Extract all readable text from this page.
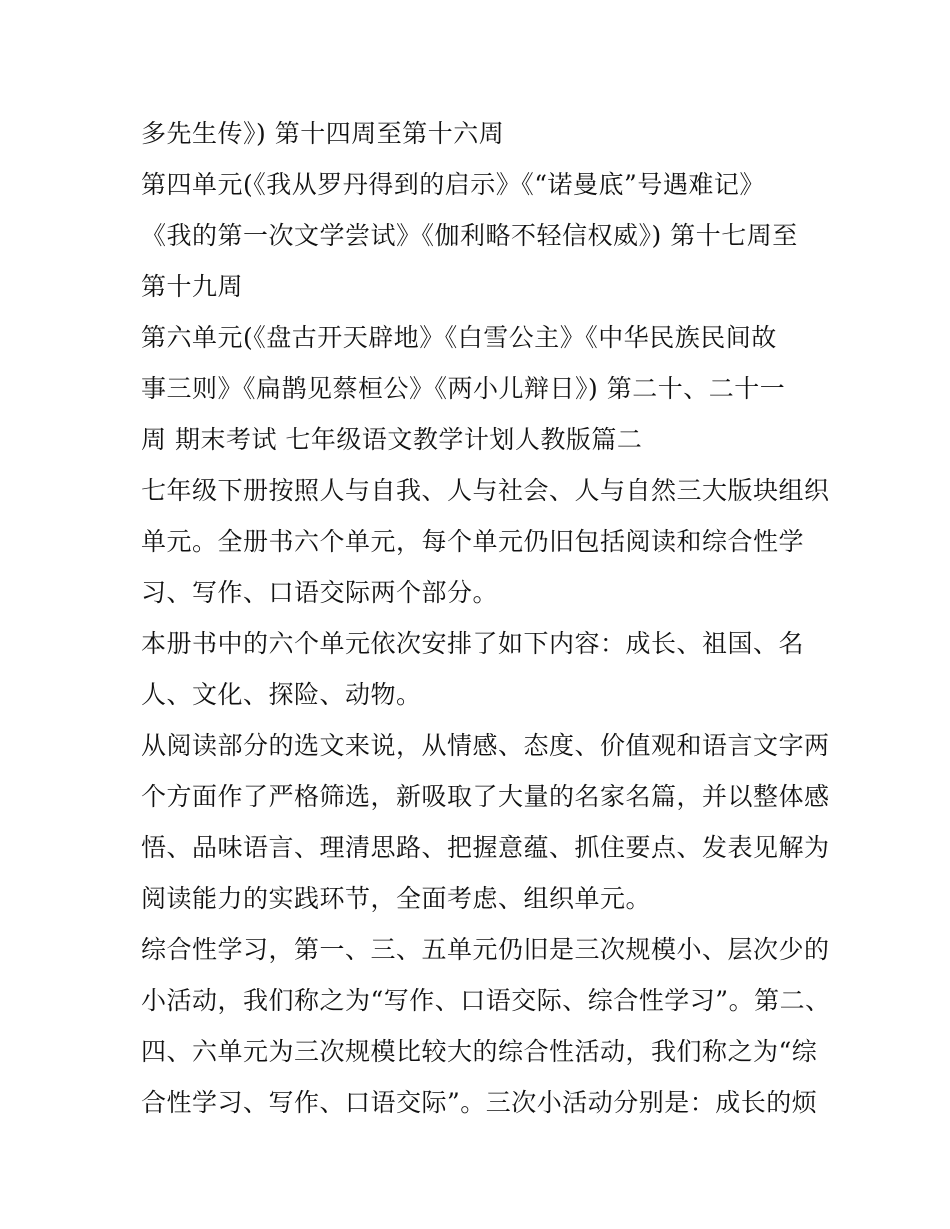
多先生传》) 第十四周至第十六周
第四单元(《我从罗丹得到的启示》《“诺曼底”号遇难记》
《我的第一次文学尝试》《伽利略不轻信权威》) 第十七周至
第十九周
第六单元(《盘古开天辟地》《白雪公主》《中华民族民间故
事三则》《扁鹊见蔡桓公》《两小儿辩日》) 第二十、二十一
周 期末考试 七年级语文教学计划人教版篇二
七年级下册按照人与自我、人与社会、人与自然三大版块组织
单元。全册书六个单元，每个单元仍旧包括阅读和综合性学
习、写作、口语交际两个部分。
本册书中的六个单元依次安排了如下内容：成长、祖国、名
人、文化、探险、动物。
从阅读部分的选文来说，从情感、态度、价值观和语言文字两
个方面作了严格筛选，新吸取了大量的名家名篇，并以整体感
悟、品味语言、理清思路、把握意蕴、抓住要点、发表见解为
阅读能力的实践环节，全面考虑、组织单元。
综合性学习，第一、三、五单元仍旧是三次规模小、层次少的
小活动，我们称之为“写作、口语交际、综合性学习”。第二、
四、六单元为三次规模比较大的综合性活动，我们称之为“综
合性学习、写作、口语交际”。三次小活动分别是：成长的烦
